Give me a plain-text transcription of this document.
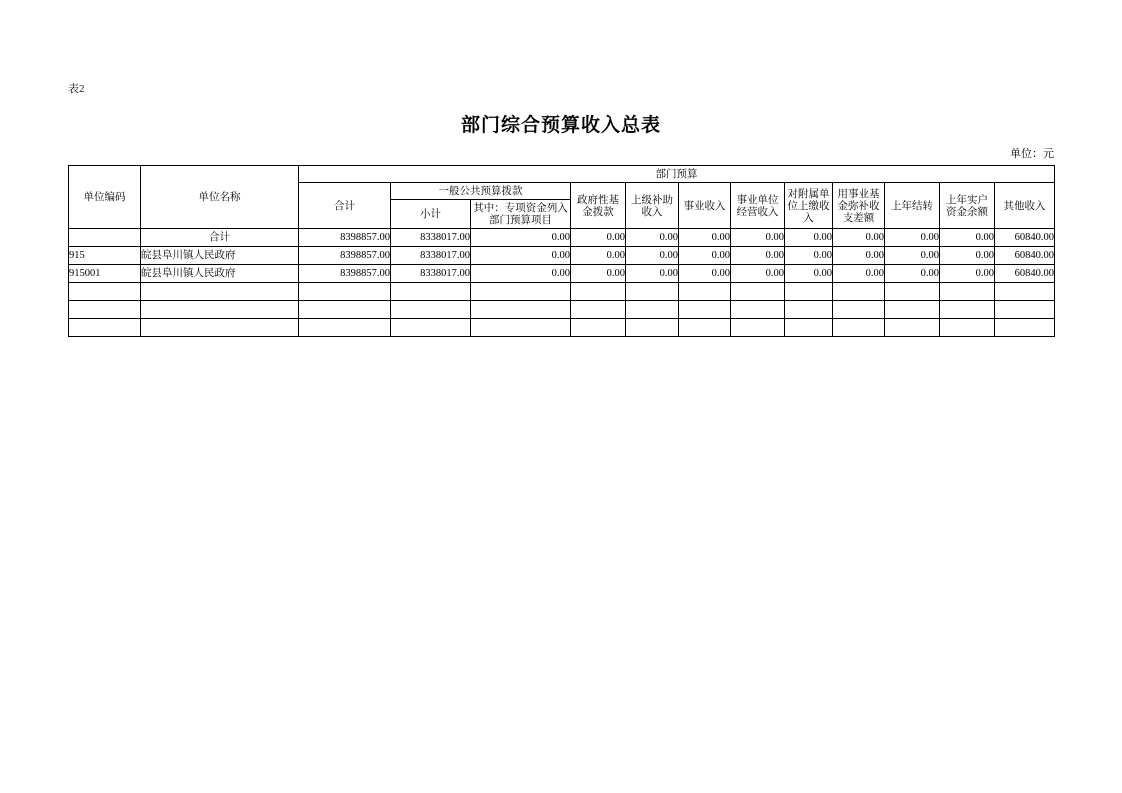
表2
部门综合预算收入总表
单位：元
单位编码	单位名称	部门预算											
		合计	一般公共预算拨款		政府性基金拨款	上级补助收入	事业收入	事业单位经营收入	对附属单位上缴收入	用事业基金弥补收支差额	上年结转	上年实户资金余额	其他收入
			小计	其中：专项资金列入部门预算项目									
	合计	8398857.00	8338017.00	0.00	0.00	0.00	0.00	0.00	0.00	0.00	0.00	0.00	60840.00
915	皖县阜川镇人民政府	8398857.00	8338017.00	0.00	0.00	0.00	0.00	0.00	0.00	0.00	0.00	0.00	60840.00
915001	皖县阜川镇人民政府	8398857.00	8338017.00	0.00	0.00	0.00	0.00	0.00	0.00	0.00	0.00	0.00	60840.00
